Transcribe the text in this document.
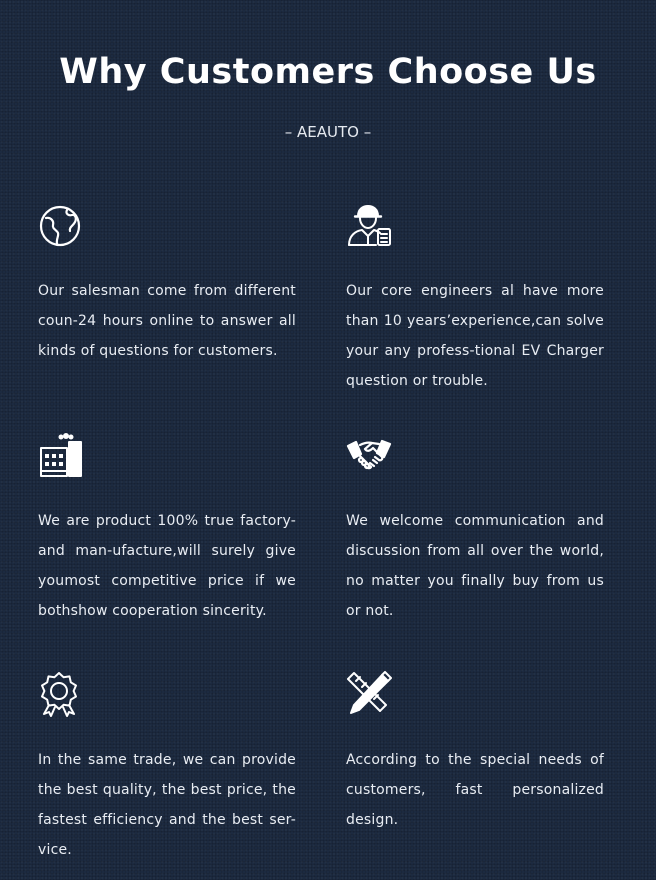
Why Customers Choose Us
– AEAUTO –
Our salesman come from different coun-24 hours online to answer all kinds of questions for customers.
Our core engineers al have more than 10 years’experience,can solve your any profess-tional EV Charger question or trouble.
We are product 100% true factory-and man-ufacture,will surely give youmost competitive price if we bothshow cooperation sincerity.
We welcome communication and discussion from all over the world, no matter you finally buy from us or not.
In the same trade, we can provide the best quality, the best price, the fastest efficiency and the best ser-vice.
According to the special needs of customers, fast personalized design.
